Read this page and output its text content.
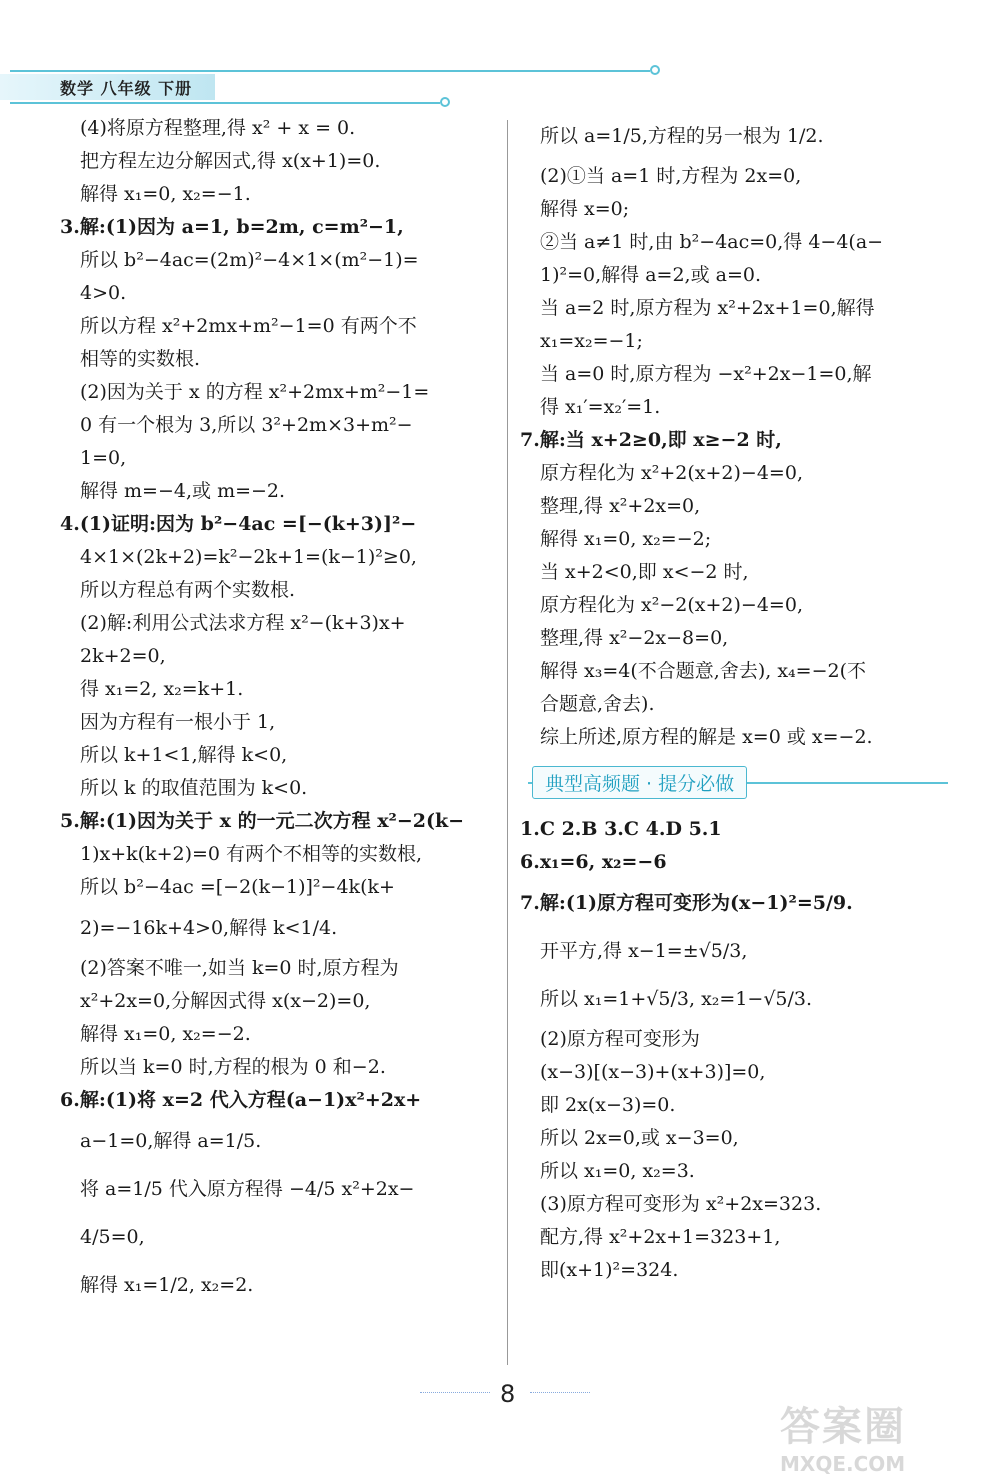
数学 八年级 下册
(4)将原方程整理,得 x² + x = 0.
把方程左边分解因式,得 x(x+1)=0.
解得 x₁=0, x₂=−1.
3.解:(1)因为 a=1, b=2m, c=m²−1,
所以 b²−4ac=(2m)²−4×1×(m²−1)=
4>0.
所以方程 x²+2mx+m²−1=0 有两个不
相等的实数根.
(2)因为关于 x 的方程 x²+2mx+m²−1=
0 有一个根为 3,所以 3²+2m×3+m²−
1=0,
解得 m=−4,或 m=−2.
4.(1)证明:因为 b²−4ac =[−(k+3)]²−
4×1×(2k+2)=k²−2k+1=(k−1)²≥0,
所以方程总有两个实数根.
(2)解:利用公式法求方程 x²−(k+3)x+
2k+2=0,
得 x₁=2, x₂=k+1.
因为方程有一根小于 1,
所以 k+1<1,解得 k<0,
所以 k 的取值范围为 k<0.
5.解:(1)因为关于 x 的一元二次方程 x²−2(k−
1)x+k(k+2)=0 有两个不相等的实数根,
所以 b²−4ac =[−2(k−1)]²−4k(k+
2)=−16k+4>0,解得 k<1/4.
(2)答案不唯一,如当 k=0 时,原方程为
x²+2x=0,分解因式得 x(x−2)=0,
解得 x₁=0, x₂=−2.
所以当 k=0 时,方程的根为 0 和−2.
6.解:(1)将 x=2 代入方程(a−1)x²+2x+
a−1=0,解得 a=1/5.
将 a=1/5 代入原方程得 −4/5 x²+2x−
4/5=0,
解得 x₁=1/2, x₂=2.
所以 a=1/5,方程的另一根为 1/2.
(2)①当 a=1 时,方程为 2x=0,
解得 x=0;
②当 a≠1 时,由 b²−4ac=0,得 4−4(a−
1)²=0,解得 a=2,或 a=0.
当 a=2 时,原方程为 x²+2x+1=0,解得
x₁=x₂=−1;
当 a=0 时,原方程为 −x²+2x−1=0,解
得 x₁′=x₂′=1.
7.解:当 x+2≥0,即 x≥−2 时,
原方程化为 x²+2(x+2)−4=0,
整理,得 x²+2x=0,
解得 x₁=0, x₂=−2;
当 x+2<0,即 x<−2 时,
原方程化为 x²−2(x+2)−4=0,
整理,得 x²−2x−8=0,
解得 x₃=4(不合题意,舍去), x₄=−2(不
合题意,舍去).
综上所述,原方程的解是 x=0 或 x=−2.
典型高频题 · 提分必做
1.C 2.B 3.C 4.D 5.1
6.x₁=6, x₂=−6
7.解:(1)原方程可变形为(x−1)²=5/9.
开平方,得 x−1=±√5/3,
所以 x₁=1+√5/3, x₂=1−√5/3.
(2)原方程可变形为
(x−3)[(x−3)+(x+3)]=0,
即 2x(x−3)=0.
所以 2x=0,或 x−3=0,
所以 x₁=0, x₂=3.
(3)原方程可变形为 x²+2x=323.
配方,得 x²+2x+1=323+1,
即(x+1)²=324.
8
答案圈
MXQE.COM
